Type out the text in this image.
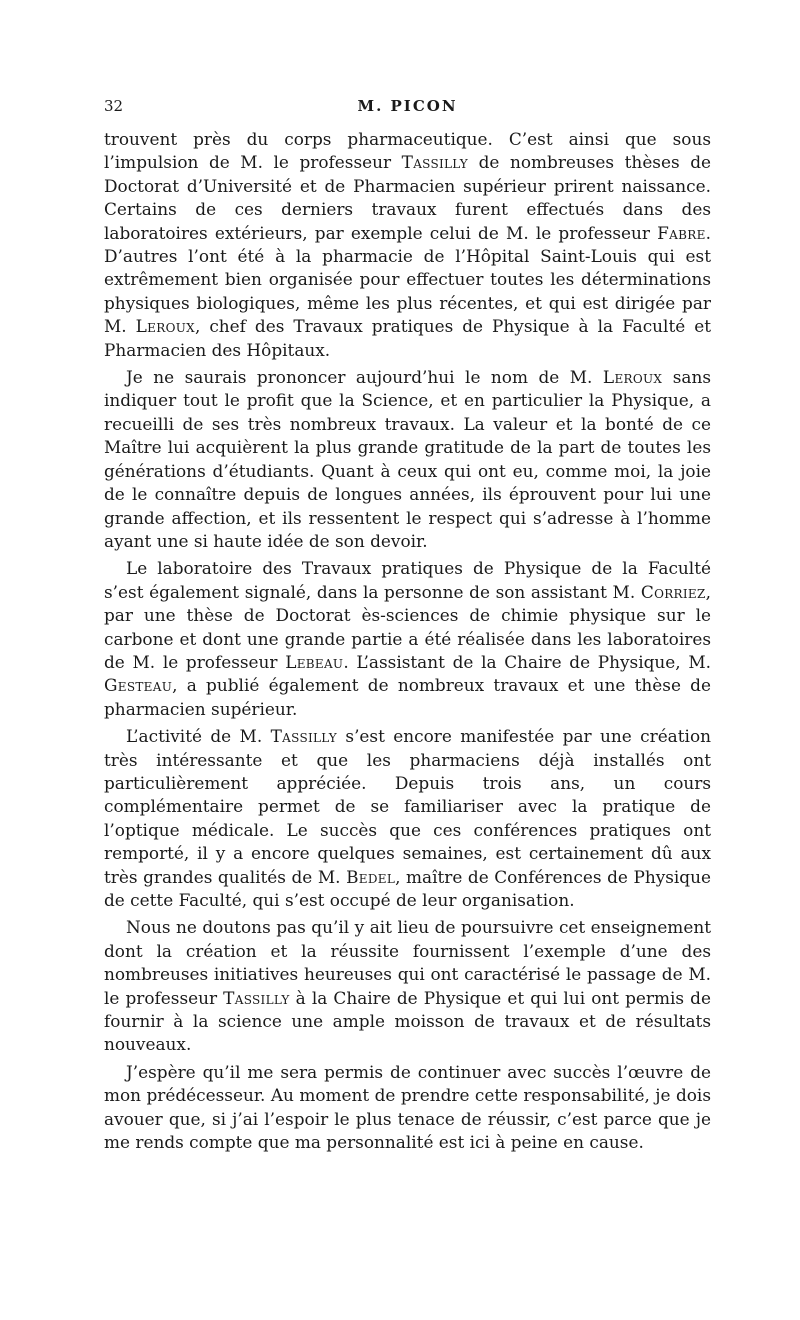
32	M. PICON

trouvent près du corps pharmaceutique. C’est ainsi que sous l’impulsion de M. le professeur Tassilly de nombreuses thèses de Doctorat d’Université et de Pharmacien supérieur prirent naissance. Certains de ces derniers travaux furent effectués dans des laboratoires extérieurs, par exemple celui de M. le professeur Fabre. D’autres l’ont été à la pharmacie de l’Hôpital Saint-Louis qui est extrêmement bien organisée pour effectuer toutes les déterminations physiques biologiques, même les plus récentes, et qui est dirigée par M. Leroux, chef des Travaux pratiques de Physique à la Faculté et Pharmacien des Hôpitaux.

Je ne saurais prononcer aujourd’hui le nom de M. Leroux sans indiquer tout le profit que la Science, et en particulier la Physique, a recueilli de ses très nombreux travaux. La valeur et la bonté de ce Maître lui acquièrent la plus grande gratitude de la part de toutes les générations d’étudiants. Quant à ceux qui ont eu, comme moi, la joie de le connaître depuis de longues années, ils éprouvent pour lui une grande affection, et ils ressentent le respect qui s’adresse à l’homme ayant une si haute idée de son devoir.

Le laboratoire des Travaux pratiques de Physique de la Faculté s’est également signalé, dans la personne de son assistant M. Corriez, par une thèse de Doctorat ès-sciences de chimie physique sur le carbone et dont une grande partie a été réalisée dans les laboratoires de M. le professeur Lebeau. L’assistant de la Chaire de Physique, M. Gesteau, a publié également de nombreux travaux et une thèse de pharmacien supérieur.

L’activité de M. Tassilly s’est encore manifestée par une création très intéressante et que les pharmaciens déjà installés ont particulièrement appréciée. Depuis trois ans, un cours complémentaire permet de se familiariser avec la pratique de l’optique médicale. Le succès que ces conférences pratiques ont remporté, il y a encore quelques semaines, est certainement dû aux très grandes qualités de M. Bedel, maître de Conférences de Physique de cette Faculté, qui s’est occupé de leur organisation.

Nous ne doutons pas qu’il y ait lieu de poursuivre cet enseignement dont la création et la réussite fournissent l’exemple d’une des nombreuses initiatives heureuses qui ont caractérisé le passage de M. le professeur Tassilly à la Chaire de Physique et qui lui ont permis de fournir à la science une ample moisson de travaux et de résultats nouveaux.

J’espère qu’il me sera permis de continuer avec succès l’œuvre de mon prédécesseur. Au moment de prendre cette responsabilité, je dois avouer que, si j’ai l’espoir le plus tenace de réussir, c’est parce que je me rends compte que ma personnalité est ici à peine en cause.
